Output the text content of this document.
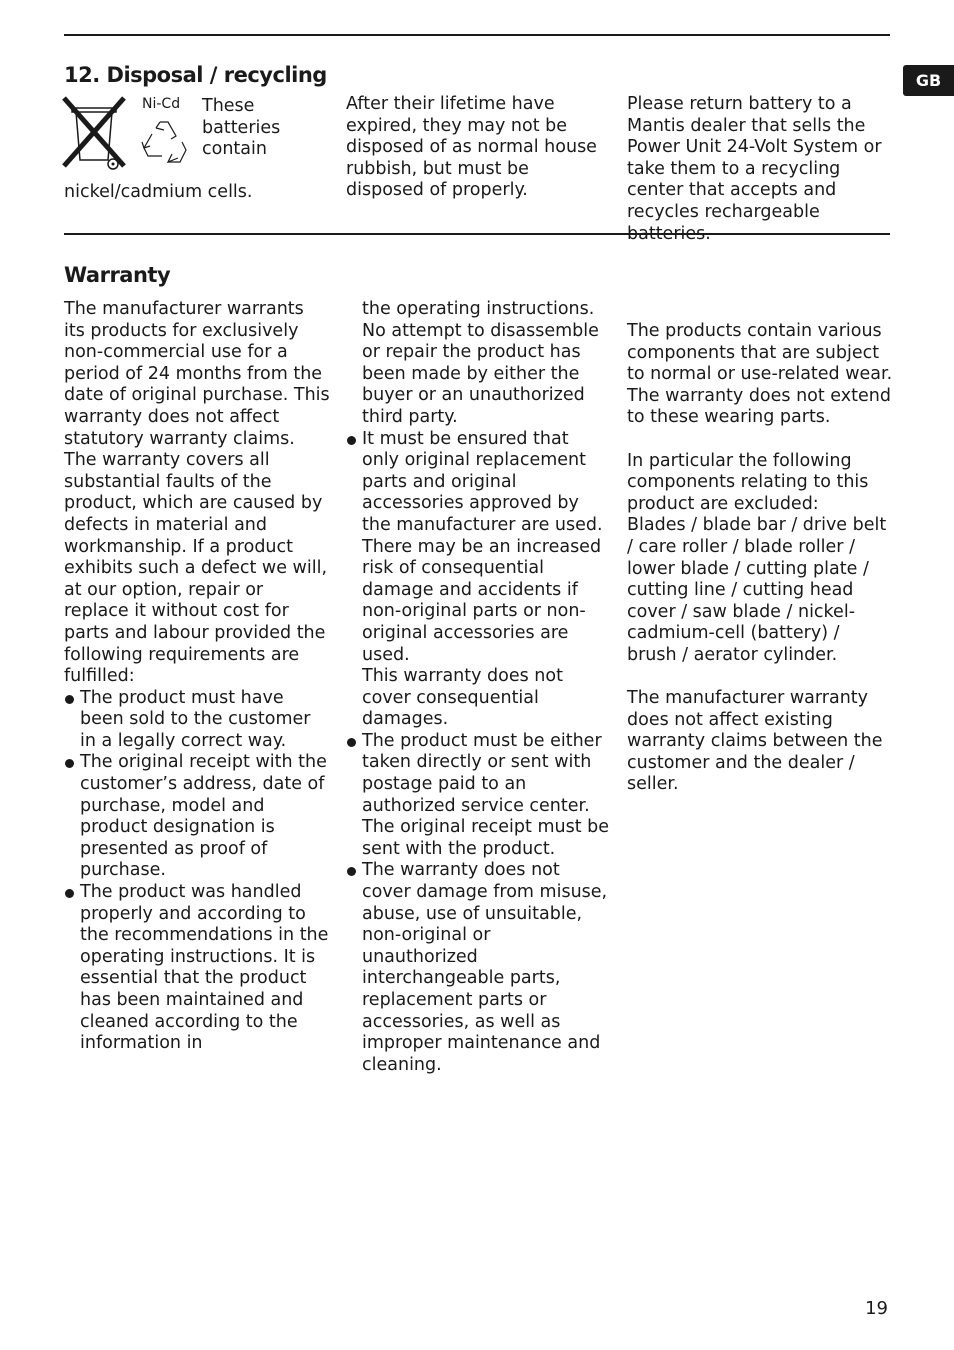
GB
12. Disposal / recycling
Ni-Cd These batteries contain

nickel/cadmium cells.

After their lifetime have expired, they may not be disposed of as normal house rubbish, but must be disposed of properly.

Please return battery to a Mantis dealer that sells the Power Unit 24-Volt System or take them to a recycling center that accepts and recycles rechargeable batteries.

Warranty

The manufacturer warrants its products for exclusively non-commercial use for a period of 24 months from the date of original purchase. This warranty does not affect statutory warranty claims. The warranty covers all substantial faults of the product, which are caused by defects in material and workmanship. If a product exhibits such a defect we will, at our option, repair or replace it without cost for parts and labour provided the following requirements are fulfilled:

The product must have been sold to the customer in a legally correct way.
The original receipt with the customer’s address, date of purchase, model and product designation is presented as proof of purchase.
The product was handled properly and according to the recommendations in the operating instructions. It is essential that the product has been maintained and cleaned according to the information in

the operating instructions. No attempt to disassemble or repair the product has been made by either the buyer or an unauthorized third party.

It must be ensured that only original replacement parts and original accessories approved by the manufacturer are used. There may be an increased risk of consequential damage and accidents if non-original parts or non-original accessories are used.
This warranty does not cover consequential damages.
The product must be either taken directly or sent with postage paid to an authorized service center. The original receipt must be sent with the product.
The warranty does not cover damage from misuse, abuse, use of unsuitable, non-original or unauthorized interchangeable parts, replacement parts or accessories, as well as improper maintenance and cleaning.

The products contain various components that are subject to normal or use-related wear. The warranty does not extend to these wearing parts.

In particular the following components relating to this product are excluded:

Blades / blade bar / drive belt / care roller / blade roller / lower blade / cutting plate / cutting line / cutting head cover / saw blade / nickel-cadmium-cell (battery) / brush / aerator cylinder.

The manufacturer warranty does not affect existing warranty claims between the customer and the dealer / seller.

19
